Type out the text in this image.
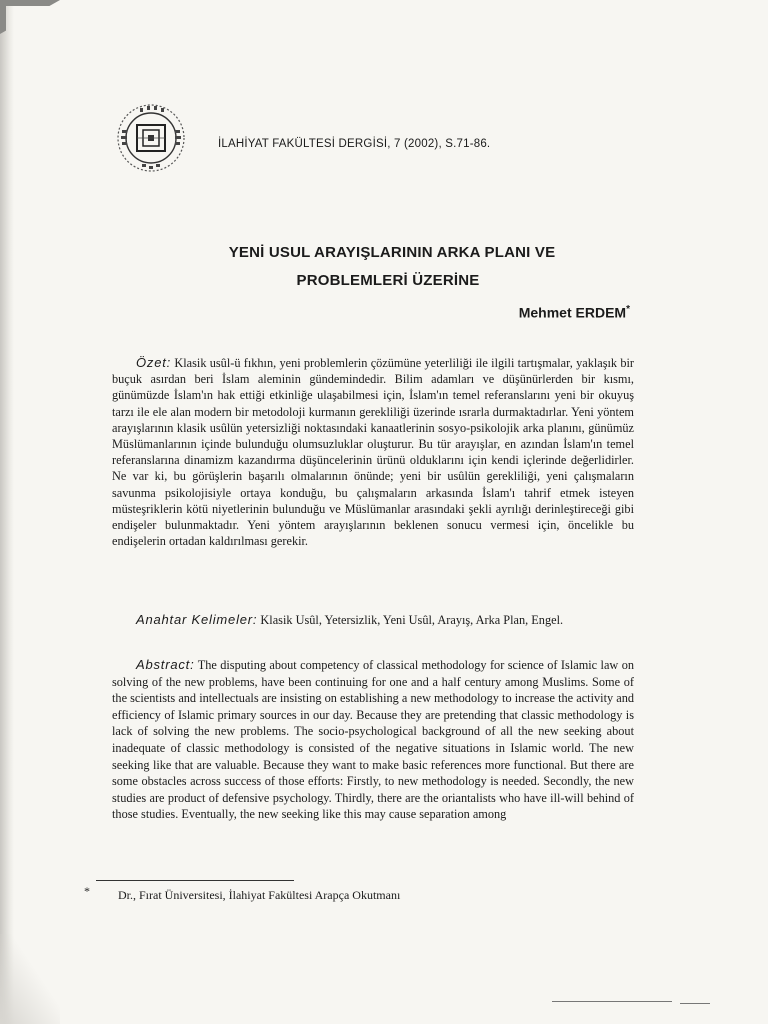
İLAHİYAT FAKÜLTESİ DERGİSİ, 7 (2002), S.71-86.
YENİ USUL ARAYIŞLARININ ARKA PLANI VE
PROBLEMLERİ ÜZERİNE
Mehmet ERDEM*

Özet: Klasik usûl-ü fıkhın, yeni problemlerin çözümüne yeterliliği ile ilgili tartışmalar, yaklaşık bir buçuk asırdan beri İslam aleminin gündemindedir. Bilim adamları ve düşünürlerden bir kısmı, günümüzde İslam'ın hak ettiği etkinliğe ulaşabilmesi için, İslam'ın temel referanslarını yeni bir okuyuş tarzı ile ele alan modern bir metodoloji kurmanın gerekliliği üzerinde ısrarla durmaktadırlar. Yeni yöntem arayışlarının klasik usûlün yetersizliği noktasındaki kanaatlerinin sosyo-psikolojik arka planını, günümüz Müslümanlarının içinde bulunduğu olumsuzluklar oluşturur. Bu tür arayışlar, en azından İslam'ın temel referanslarına dinamizm kazandırma düşüncelerinin ürünü olduklarını için kendi içlerinde değerlidirler. Ne var ki, bu görüşlerin başarılı olmalarının önünde; yeni bir usûlün gerekliliği, yeni çalışmaların savunma psikolojisiyle ortaya konduğu, bu çalışmaların arkasında İslam'ı tahrif etmek isteyen müsteşriklerin kötü niyetlerinin bulunduğu ve Müslümanlar arasındaki şekli ayrılığı derinleştireceği gibi endişeler bulunmaktadır. Yeni yöntem arayışlarının beklenen sonucu vermesi için, öncelikle bu endişelerin ortadan kaldırılması gerekir.

Anahtar Kelimeler: Klasik Usûl, Yetersizlik, Yeni Usûl, Arayış, Arka Plan, Engel.

Abstract: The disputing about competency of classical methodology for science of Islamic law on solving of the new problems, have been continuing for one and a half century among Muslims. Some of the scientists and intellectuals are insisting on establishing a new methodology to increase the activity and efficiency of Islamic primary sources in our day. Because they are pretending that classic methodology is lack of solving the new problems. The socio-psychological background of all the new seeking about inadequate of classic methodology is consisted of the negative situations in Islamic world. The new seeking like that are valuable. Because they want to make basic references more functional. But there are some obstacles across success of those efforts: Firstly, to new methodology is needed. Secondly, the new studies are product of defensive psychology. Thirdly, there are the oriantalists who have ill-will behind of those studies. Eventually, the new seeking like this may cause separation among

* Dr., Fırat Üniversitesi, İlahiyat Fakültesi Arapça Okutmanı
